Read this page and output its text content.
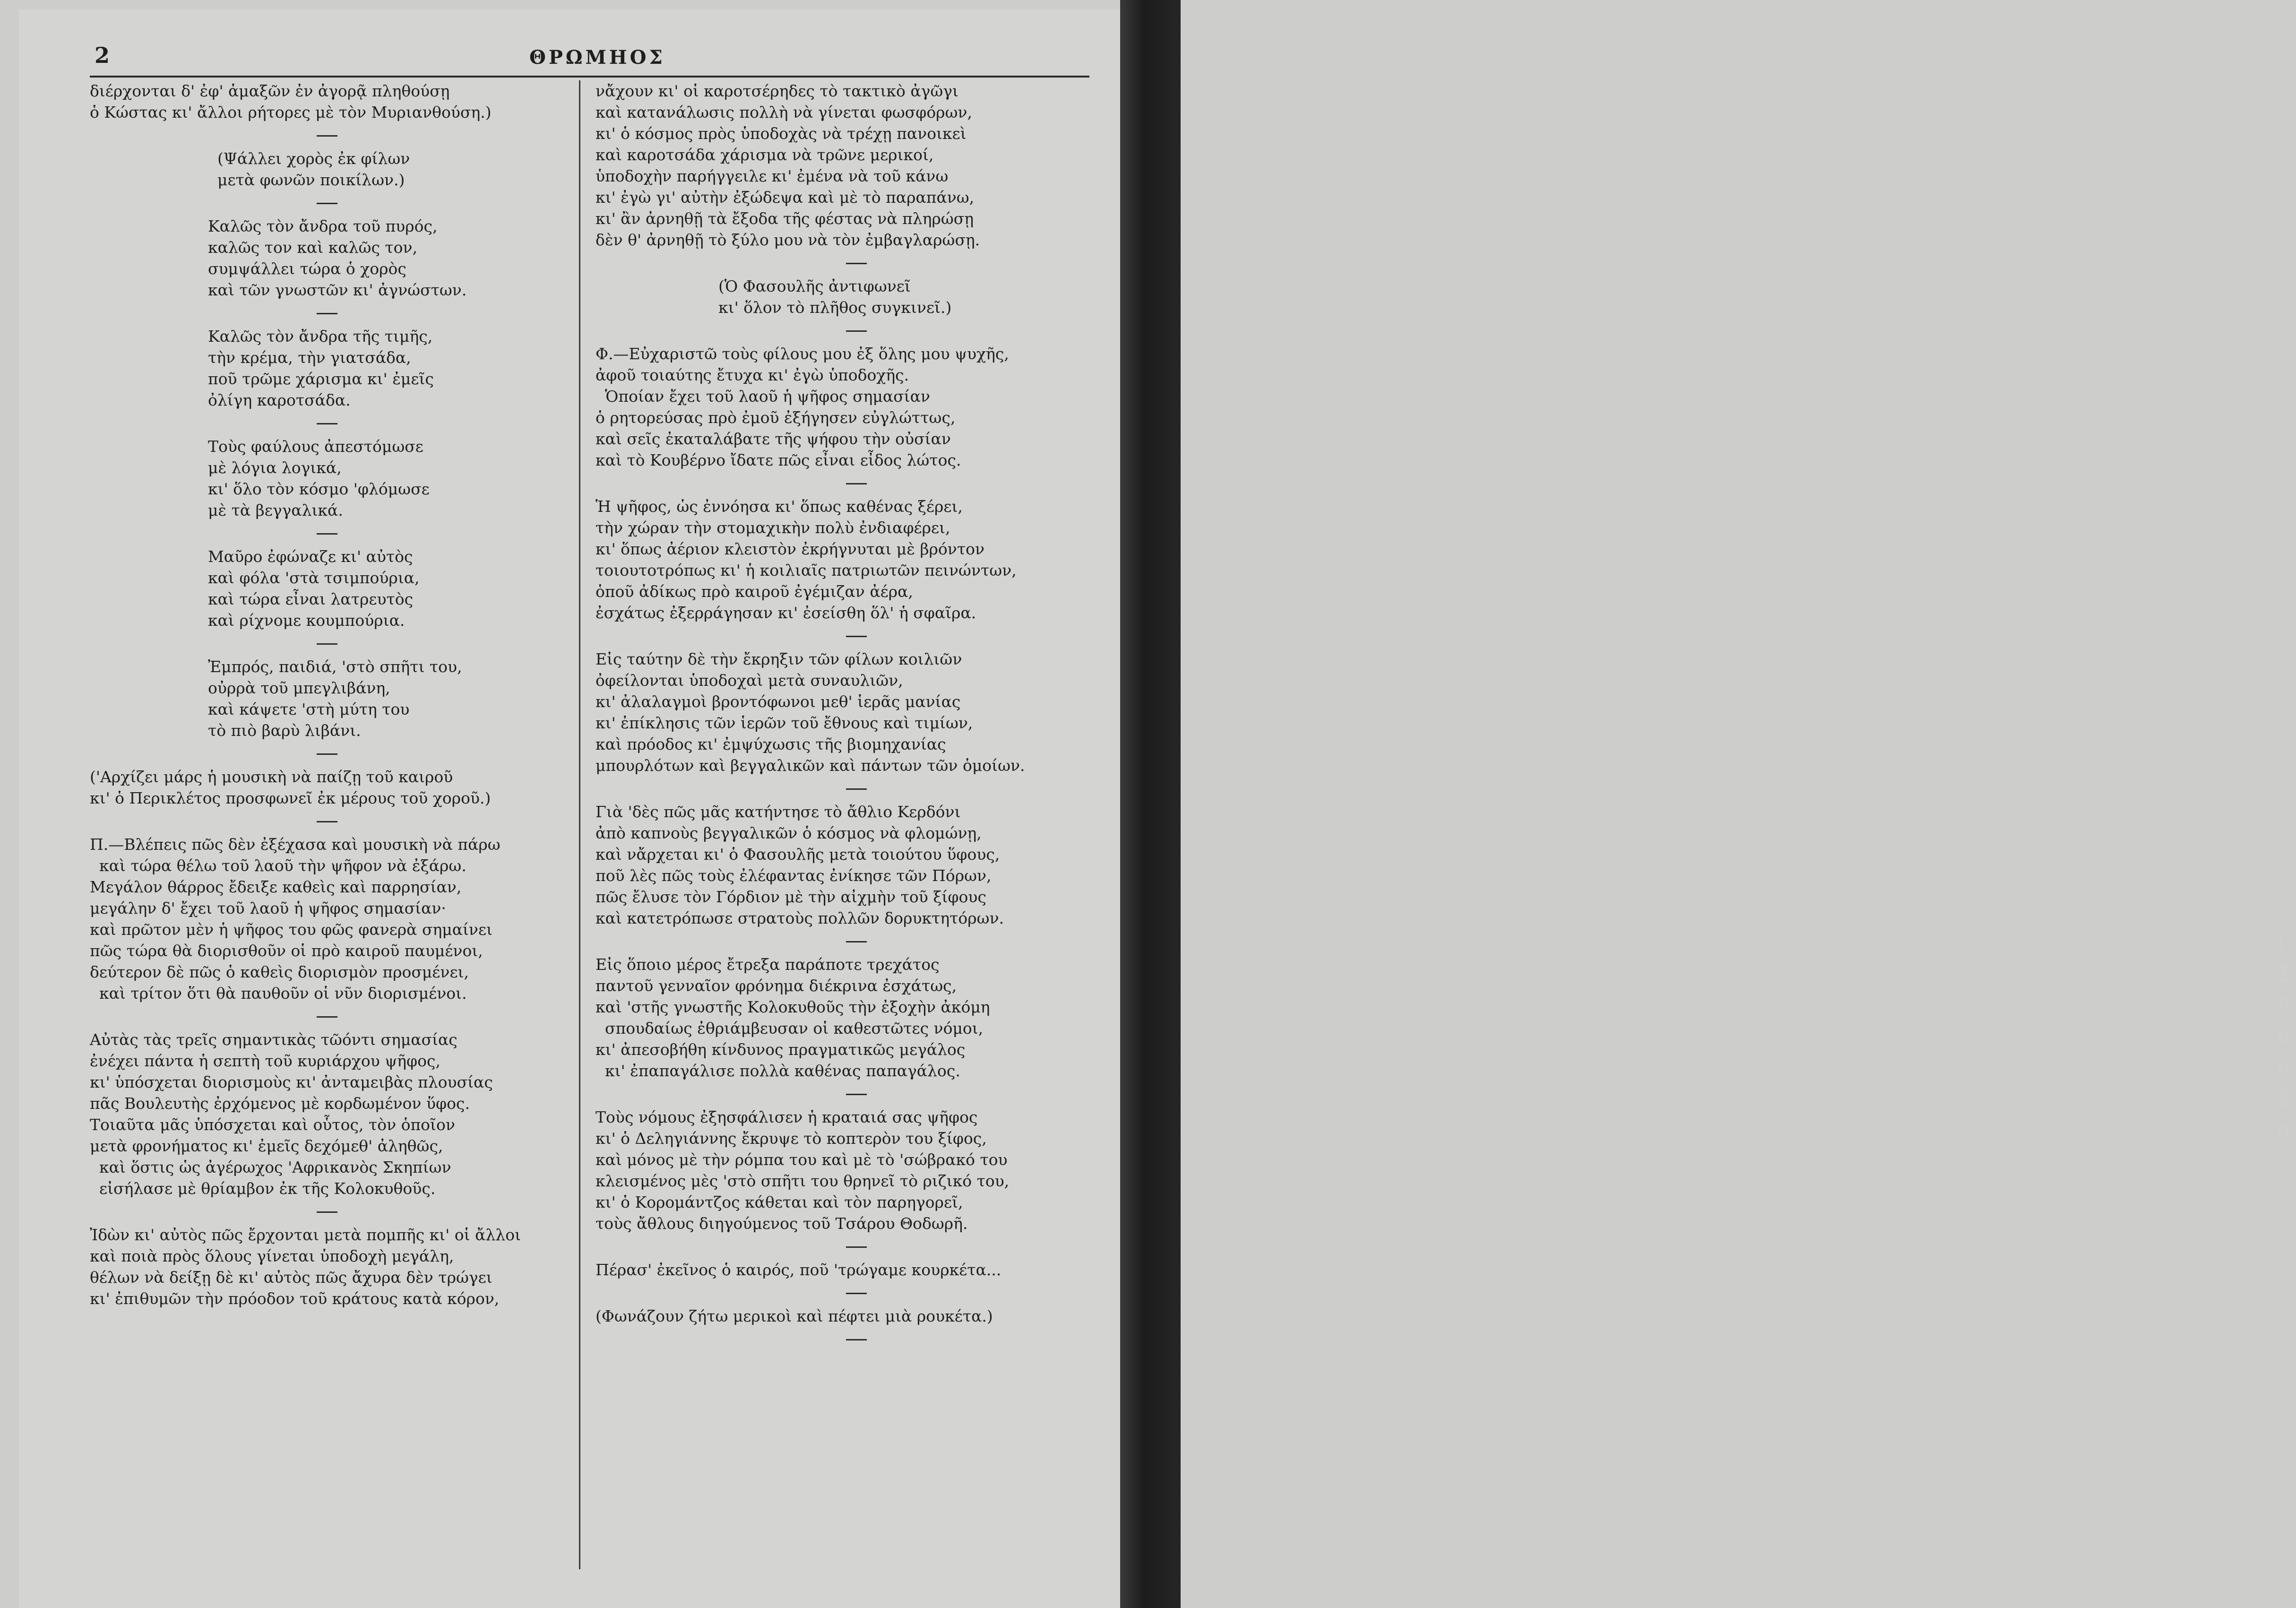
2	ΘΡΩΜΗΟΣ
διέρχονται δ' ἐφ' ἁμαξῶν ἐν ἀγορᾷ πληθούσῃ
ὁ Κώστας κι' ἄλλοι ρήτορες μὲ τὸν Μυριανθούση.)
(Ψάλλει χορὸς ἐκ φίλων
μετὰ φωνῶν ποικίλων.)
Καλῶς τὸν ἄνδρα τοῦ πυρός,
καλῶς τον καὶ καλῶς τον,
συμψάλλει τώρα ὁ χορὸς
καὶ τῶν γνωστῶν κι' ἀγνώστων.
Καλῶς τὸν ἄνδρα τῆς τιμῆς,
τὴν κρέμα, τὴν γιατσάδα,
ποῦ τρῶμε χάρισμα κι' ἐμεῖς
ὀλίγη καροτσάδα.
Τοὺς φαύλους ἀπεστόμωσε
μὲ λόγια λογικά,
κι' ὅλο τὸν κόσμο 'φλόμωσε
μὲ τὰ βεγγαλικά.
Μαῦρο ἐφώναζε κι' αὐτὸς
καὶ φόλα 'στὰ τσιμπούρια,
καὶ τώρα εἶναι λατρευτὸς
καὶ ρίχνομε κουμπούρια.
Ἐμπρός, παιδιά, 'στὸ σπῆτι του,
οὐρρὰ τοῦ μπεγλιβάνη,
καὶ κάψετε 'στὴ μύτη του
τὸ πιὸ βαρὺ λιβάνι.
('Αρχίζει μάρς ἡ μουσικὴ νὰ παίζῃ τοῦ καιροῦ
κι' ὁ Περικλέτος προσφωνεῖ ἐκ μέρους τοῦ χοροῦ.)
Π.—Βλέπεις πῶς δὲν ἐξέχασα καὶ μουσικὴ νὰ πάρω
καὶ τώρα θέλω τοῦ λαοῦ τὴν ψῆφον νὰ ἐξάρω.
Μεγάλον θάρρος ἔδειξε καθεὶς καὶ παρρησίαν,
μεγάλην δ' ἔχει τοῦ λαοῦ ἡ ψῆφος σημασίαν·
καὶ πρῶτον μὲν ἡ ψῆφος του φῶς φανερὰ σημαίνει
πῶς τώρα θὰ διορισθοῦν οἱ πρὸ καιροῦ παυμένοι,
δεύτερον δὲ πῶς ὁ καθεὶς διορισμὸν προσμένει,
καὶ τρίτον ὅτι θὰ παυθοῦν οἱ νῦν διορισμένοι.
Αὐτὰς τὰς τρεῖς σημαντικὰς τῶόντι σημασίας
ἐνέχει πάντα ἡ σεπτὴ τοῦ κυριάρχου ψῆφος,
κι' ὑπόσχεται διορισμοὺς κι' ἀνταμειβὰς πλουσίας
πᾶς Βουλευτὴς ἐρχόμενος μὲ κορδωμένον ὕφος.
Τοιαῦτα μᾶς ὑπόσχεται καὶ οὗτος, τὸν ὁποῖον
μετὰ φρονήματος κι' ἐμεῖς δεχόμεθ' ἀληθῶς,
καὶ ὅστις ὡς ἀγέρωχος 'Αφρικανὸς Σκηπίων
εἰσήλασε μὲ θρίαμβον ἐκ τῆς Κολοκυθοῦς.
Ἰδὼν κι' αὐτὸς πῶς ἔρχονται μετὰ πομπῆς κι' οἱ ἄλλοι
καὶ ποιὰ πρὸς ὅλους γίνεται ὑποδοχὴ μεγάλη,
θέλων νὰ δείξῃ δὲ κι' αὐτὸς πῶς ἄχυρα δὲν τρώγει
κι' ἐπιθυμῶν τὴν πρόοδον τοῦ κράτους κατὰ κόρον,
νἄχουν κι' οἱ καροτσέρηδες τὸ τακτικὸ ἀγῶγι
καὶ κατανάλωσις πολλὴ νὰ γίνεται φωσφόρων,
κι' ὁ κόσμος πρὸς ὑποδοχὰς νὰ τρέχῃ πανοικεὶ
καὶ καροτσάδα χάρισμα νὰ τρῶνε μερικοί,
ὑποδοχὴν παρήγγειλε κι' ἐμένα νὰ τοῦ κάνω
κι' ἐγὼ γι' αὐτὴν ἐξώδεψα καὶ μὲ τὸ παραπάνω,
κι' ἂν ἀρνηθῇ τὰ ἔξοδα τῆς φέστας νὰ πληρώσῃ
δὲν θ' ἀρνηθῇ τὸ ξύλο μου νὰ τὸν ἐμβαγλαρώσῃ.
(Ὁ Φασουλῆς ἀντιφωνεῖ
κι' ὅλον τὸ πλῆθος συγκινεῖ.)
Φ.—Εὐχαριστῶ τοὺς φίλους μου ἐξ ὅλης μου ψυχῆς,
ἀφοῦ τοιαύτης ἔτυχα κι' ἐγὼ ὑποδοχῆς.
Ὁποίαν ἔχει τοῦ λαοῦ ἡ ψῆφος σημασίαν
ὁ ρητορεύσας πρὸ ἐμοῦ ἐξήγησεν εὐγλώττως,
καὶ σεῖς ἐκαταλάβατε τῆς ψήφου τὴν οὐσίαν
καὶ τὸ Κουβέρνο ἴδατε πῶς εἶναι εἶδος λώτος.
Ἡ ψῆφος, ὡς ἐννόησα κι' ὅπως καθένας ξέρει,
τὴν χώραν τὴν στομαχικὴν πολὺ ἐνδιαφέρει,
κι' ὅπως ἀέριον κλειστὸν ἐκρήγνυται μὲ βρόντον
τοιουτοτρόπως κι' ἡ κοιλιαῖς πατριωτῶν πεινώντων,
ὁποῦ ἀδίκως πρὸ καιροῦ ἐγέμιζαν ἀέρα,
ἐσχάτως ἐξερράγησαν κι' ἐσείσθη ὅλ' ἡ σφαῖρα.
Εἰς ταύτην δὲ τὴν ἔκρηξιν τῶν φίλων κοιλιῶν
ὀφείλονται ὑποδοχαὶ μετὰ συναυλιῶν,
κι' ἀλαλαγμοὶ βροντόφωνοι μεθ' ἱερᾶς μανίας
κι' ἐπίκλησις τῶν ἱερῶν τοῦ ἔθνους καὶ τιμίων,
καὶ πρόοδος κι' ἐμψύχωσις τῆς βιομηχανίας
μπουρλότων καὶ βεγγαλικῶν καὶ πάντων τῶν ὁμοίων.
Γιὰ 'δὲς πῶς μᾶς κατήντησε τὸ ἄθλιο Κερδόνι
ἀπὸ καπνοὺς βεγγαλικῶν ὁ κόσμος νὰ φλομώνῃ,
καὶ νἄρχεται κι' ὁ Φασουλῆς μετὰ τοιούτου ὕφους,
ποῦ λὲς πῶς τοὺς ἐλέφαντας ἐνίκησε τῶν Πόρων,
πῶς ἔλυσε τὸν Γόρδιον μὲ τὴν αἰχμὴν τοῦ ξίφους
καὶ κατετρόπωσε στρατοὺς πολλῶν δορυκτητόρων.
Εἰς ὅποιο μέρος ἔτρεξα παράποτε τρεχάτος
παντοῦ γενναῖον φρόνημα διέκρινα ἐσχάτως,
καὶ 'στῆς γνωστῆς Κολοκυθοῦς τὴν ἐξοχὴν ἀκόμη
σπουδαίως ἐθριάμβευσαν οἱ καθεστῶτες νόμοι,
κι' ἀπεσοβήθη κίνδυνος πραγματικῶς μεγάλος
κι' ἐπαπαγάλισε πολλὰ καθένας παπαγάλος.
Τοὺς νόμους ἐξησφάλισεν ἡ κραταιά σας ψῆφος
κι' ὁ Δεληγιάννης ἔκρυψε τὸ κοπτερὸν του ξίφος,
καὶ μόνος μὲ τὴν ρόμπα του καὶ μὲ τὸ 'σώβρακό του
κλεισμένος μὲς 'στὸ σπῆτι του θρηνεῖ τὸ ριζικό του,
κι' ὁ Κορομάντζος κάθεται καὶ τὸν παρηγορεῖ,
τοὺς ἄθλους διηγούμενος τοῦ Τσάρου Θοδωρῆ.
Πέρασ' ἐκεῖνος ὁ καιρός, ποῦ 'τρώγαμε κουρκέτα...
(Φωνάζουν ζήτω μερικοὶ καὶ πέφτει μιὰ ρουκέτα.)
(
Σ
Λ
ο
ο
Σ
α
